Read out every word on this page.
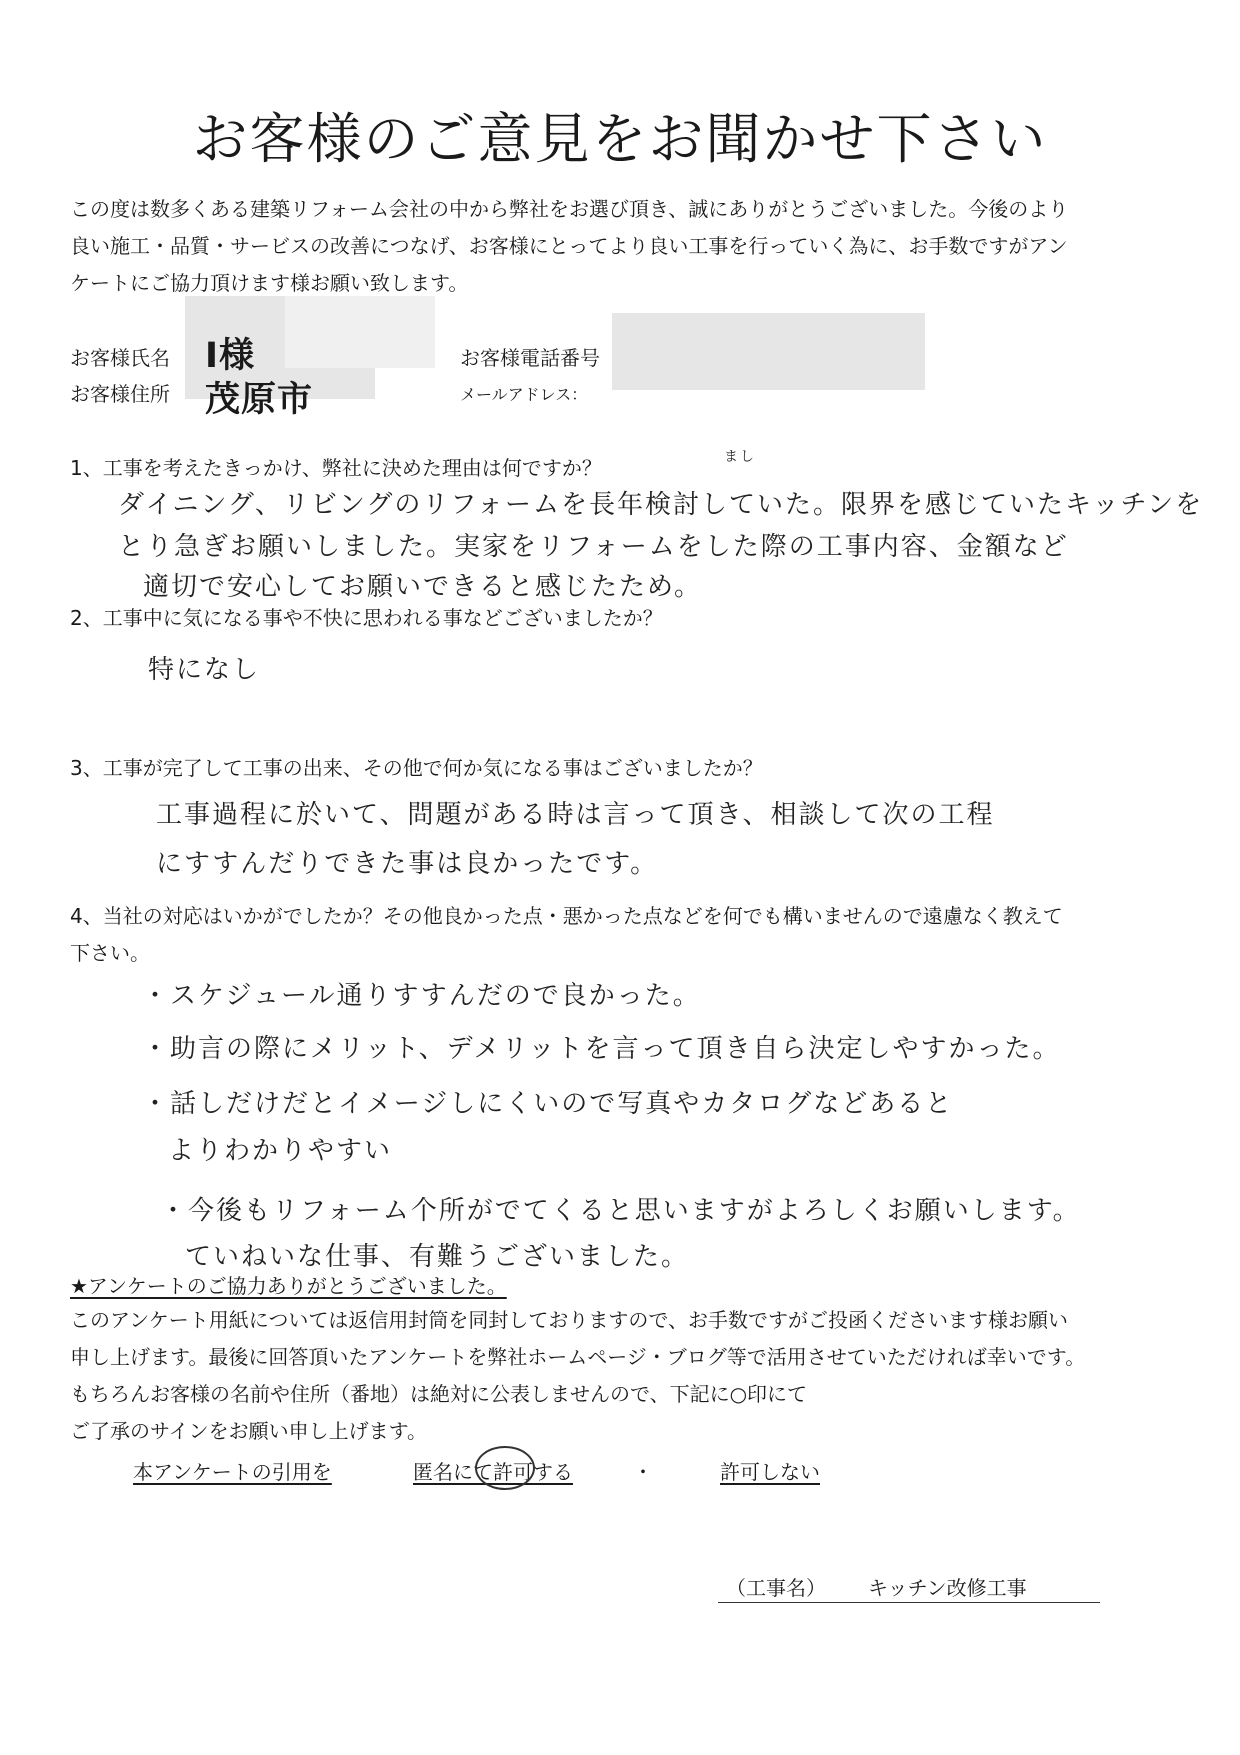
お客様のご意見をお聞かせ下さい
この度は数多くある建築リフォーム会社の中から弊社をお選び頂き、誠にありがとうございました。今後のより
良い施工・品質・サービスの改善につなげ、お客様にとってより良い工事を行っていく為に、お手数ですがアン
ケートにご協力頂けます様お願い致します。
お客様氏名 I様
お客様住所 茂原市
お客様電話番号
メールアドレス：
1、工事を考えたきっかけ、弊社に決めた理由は何ですか？	まし
ダイニング、リビングのリフォームを長年検討していた。限界を感じていたキッチンを
とり急ぎお願いしました。実家をリフォームをした際の工事内容、金額など
適切で安心してお願いできると感じたため。
2、工事中に気になる事や不快に思われる事などございましたか？
特になし
3、工事が完了して工事の出来、その他で何か気になる事はございましたか？
工事過程に於いて、問題がある時は言って頂き、相談して次の工程
にすすんだりできた事は良かったです。
4、当社の対応はいかがでしたか？その他良かった点・悪かった点などを何でも構いませんので遠慮なく教えて
下さい。
・スケジュール通りすすんだので良かった。
・助言の際にメリット、デメリットを言って頂き自ら決定しやすかった。
・話しだけだとイメージしにくいので写真やカタログなどあると
よりわかりやすい
・今後もリフォーム个所がでてくると思いますがよろしくお願いします。
ていねいな仕事、有難うございました。
★アンケートのご協力ありがとうございました。
このアンケート用紙については返信用封筒を同封しておりますので、お手数ですがご投函くださいます様お願い
申し上げます。最後に回答頂いたアンケートを弊社ホームページ・ブログ等で活用させていただければ幸いです。
もちろんお客様の名前や住所（番地）は絶対に公表しませんので、下記に○印にて
ご了承のサインをお願い申し上げます。
本アンケートの引用を	匿名にて許可する	・	許可しない
（工事名） キッチン改修工事
